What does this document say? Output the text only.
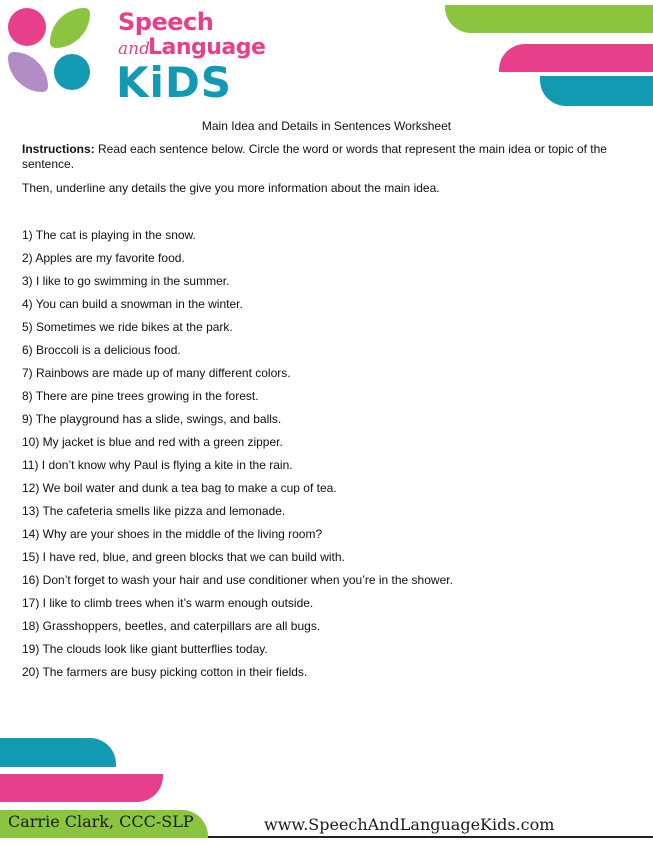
Speech
and
Language
KiDS
Main Idea and Details in Sentences Worksheet

Instructions: Read each sentence below. Circle the word or words that represent the main idea or topic of the sentence.

Then, underline any details the give you more information about the main idea.

1) The cat is playing in the snow.
2) Apples are my favorite food.
3) I like to go swimming in the summer.
4) You can build a snowman in the winter.
5) Sometimes we ride bikes at the park.
6) Broccoli is a delicious food.
7) Rainbows are made up of many different colors.
8) There are pine trees growing in the forest.
9) The playground has a slide, swings, and balls.
10) My jacket is blue and red with a green zipper.
11) I don’t know why Paul is flying a kite in the rain.
12) We boil water and dunk a tea bag to make a cup of tea.
13) The cafeteria smells like pizza and lemonade.
14) Why are your shoes in the middle of the living room?
15) I have red, blue, and green blocks that we can build with.
16) Don’t forget to wash your hair and use conditioner when you’re in the shower.
17) I like to climb trees when it’s warm enough outside.
18) Grasshoppers, beetles, and caterpillars are all bugs.
19) The clouds look like giant butterflies today.
20) The farmers are busy picking cotton in their fields.
Carrie Clark, CCC-SLP	www.SpeechAndLanguageKids.com
